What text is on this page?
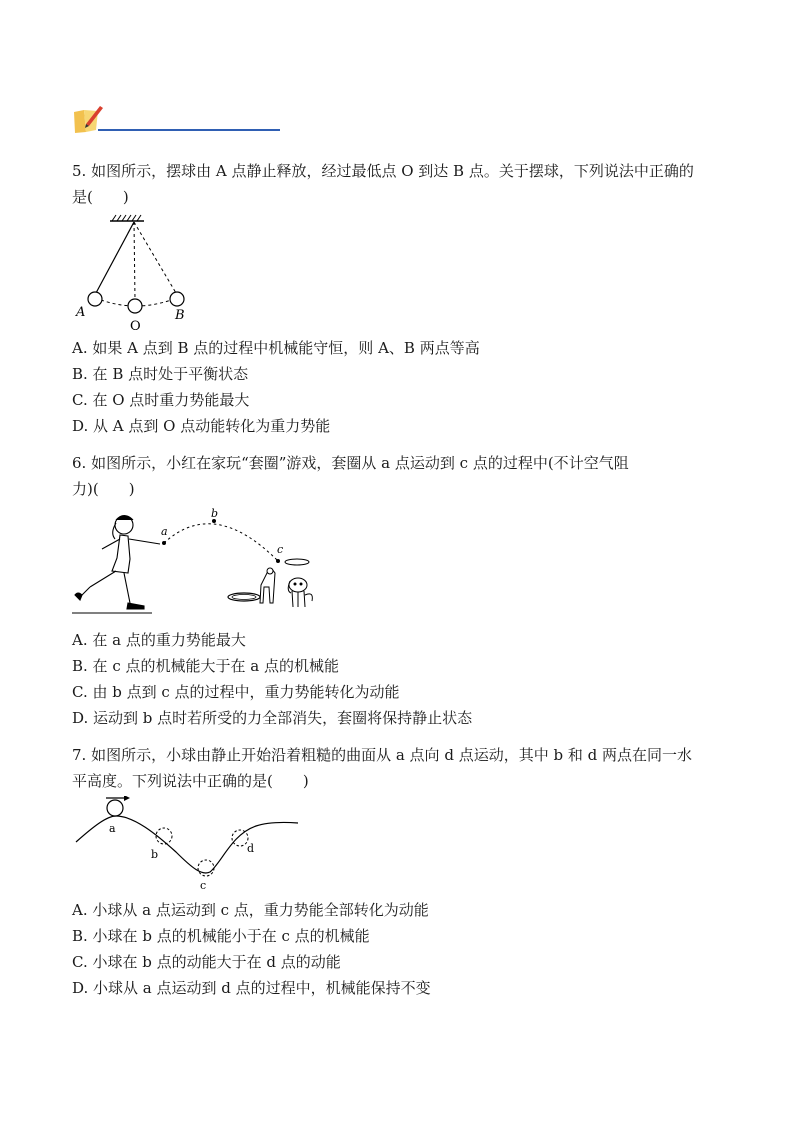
5. 如图所示，摆球由 A 点静止释放，经过最低点 O 到达 B 点。关于摆球，下列说法中正确的
是(　　)
A
O
B
A. 如果 A 点到 B 点的过程中机械能守恒，则 A、B 两点等高
B. 在 B 点时处于平衡状态
C. 在 O 点时重力势能最大
D. 从 A 点到 O 点动能转化为重力势能
6. 如图所示，小红在家玩“套圈”游戏，套圈从 a 点运动到 c 点的过程中(不计空气阻
力)(　　)
a
b
c
A. 在 a 点的重力势能最大
B. 在 c 点的机械能大于在 a 点的机械能
C. 由 b 点到 c 点的过程中，重力势能转化为动能
D. 运动到 b 点时若所受的力全部消失，套圈将保持静止状态
7. 如图所示，小球由静止开始沿着粗糙的曲面从 a 点向 d 点运动，其中 b 和 d 两点在同一水
平高度。下列说法中正确的是(　　)
a
b
c
d
A. 小球从 a 点运动到 c 点，重力势能全部转化为动能
B. 小球在 b 点的机械能小于在 c 点的机械能
C. 小球在 b 点的动能大于在 d 点的动能
D. 小球从 a 点运动到 d 点的过程中，机械能保持不变
